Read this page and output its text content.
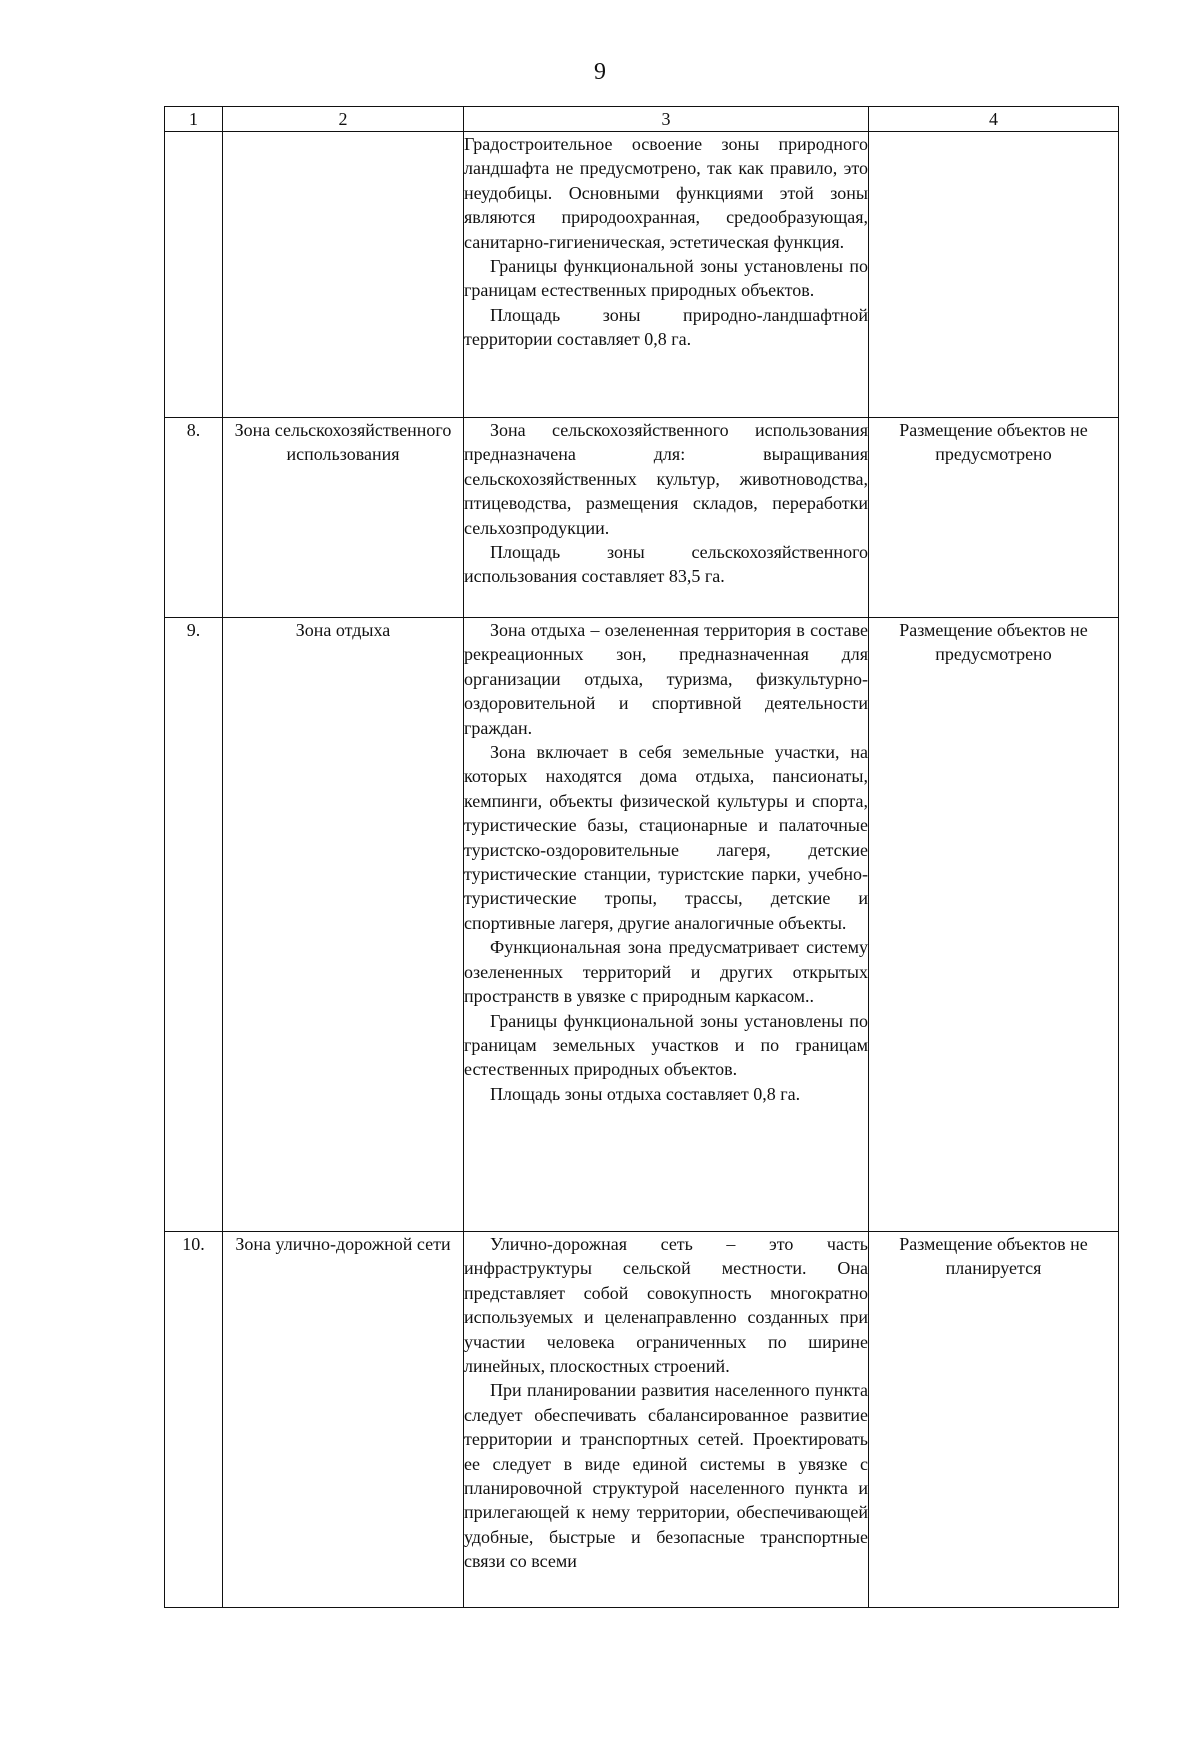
9
1	2	3	4

		Градостроительное освоение зоны природного ландшафта не предусмотрено, так как правило, это неудобицы. Основными функциями этой зоны являются природоохранная, средообразующая, санитарно-гигиеническая, эстетическая функция.

Границы функциональной зоны установлены по границам естественных природных объектов.

Площадь зоны природно-ландшафтной территории составляет 0,8 га.	

8.	Зона сельскохозяйственного использования	Зона сельскохозяйственного использования предназначена для: выращивания сельскохозяйственных культур, животноводства, птицеводства, размещения складов, переработки сельхозпродукции.

Площадь зоны сельскохозяйственного использования составляет 83,5 га.	Размещение объектов не предусмотрено
9.	Зона отдыха	Зона отдыха – озелененная территория в составе рекреационных зон, предназначенная для организации отдыха, туризма, физкультурно-оздоровительной и спортивной деятельности граждан.

Зона включает в себя земельные участки, на которых находятся дома отдыха, пансионаты, кемпинги, объекты физической культуры и спорта, туристические базы, стационарные и палаточные туристско-оздоровительные лагеря, детские туристические станции, туристские парки, учебно-туристические тропы, трассы, детские и спортивные лагеря, другие аналогичные объекты.

Функциональная зона предусматривает систему озелененных территорий и других открытых пространств в увязке с природным каркасом..

Границы функциональной зоны установлены по границам земельных участков и по границам естественных природных объектов.

Площадь зоны отдыха составляет 0,8 га.	Размещение объектов не предусмотрено
10.	Зона улично-дорожной сети	Улично-дорожная сеть – это часть инфраструктуры сельской местности. Она представляет собой совокупность многократно используемых и целенаправленно созданных при участии человека ограниченных по ширине линейных, плоскостных строений.

При планировании развития населенного пункта следует обеспечивать сбалансированное развитие территории и транспортных сетей. Проектировать ее следует в виде единой системы в увязке с планировочной структурой населенного пункта и прилегающей к нему территории, обеспечивающей удобные, быстрые и безопасные транспортные связи со всеми	Размещение объектов не планируется
